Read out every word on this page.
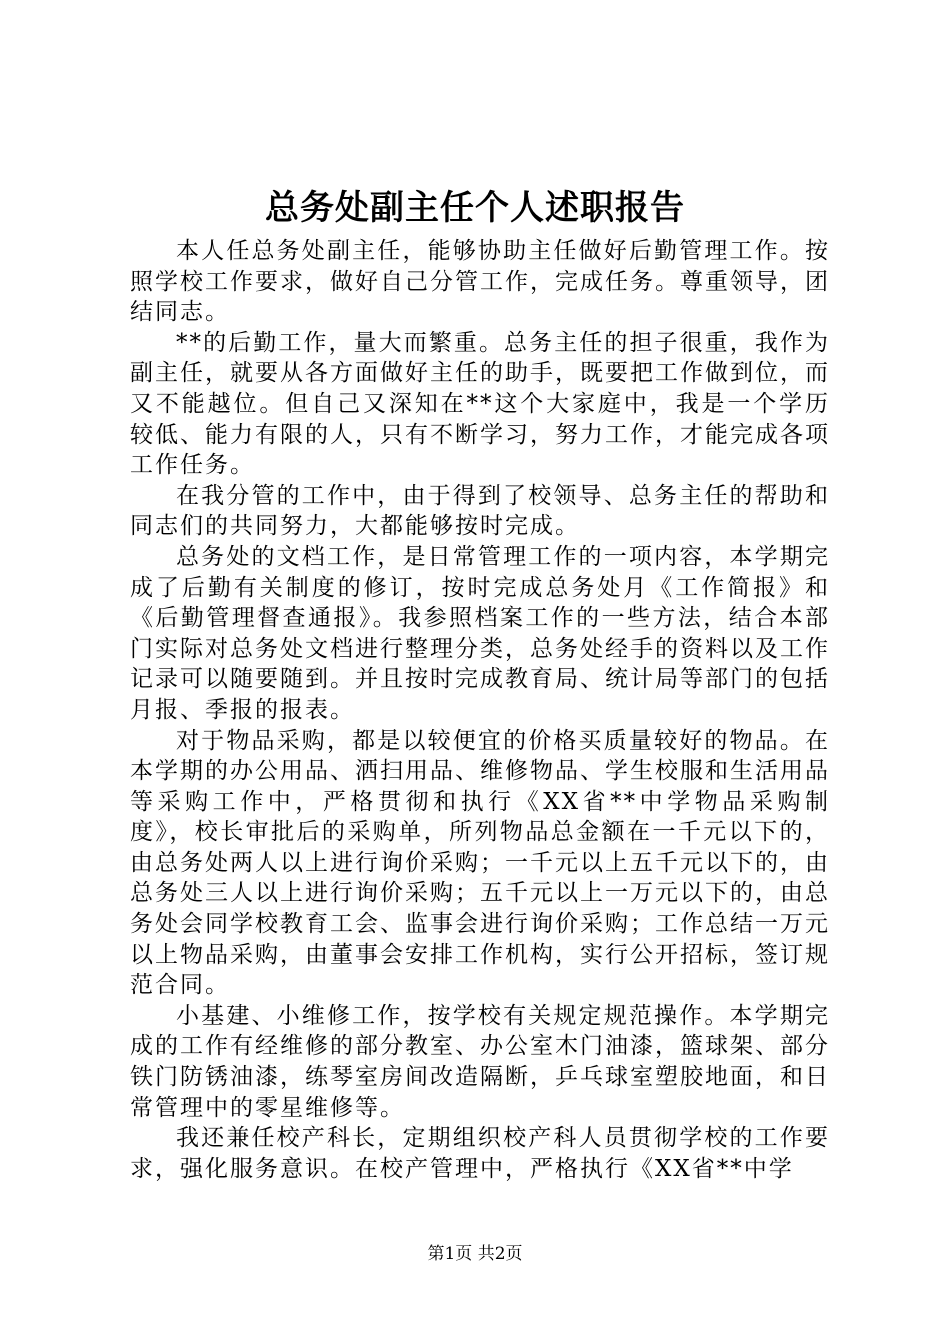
总务处副主任个人述职报告

本人任总务处副主任，能够协助主任做好后勤管理工作。按照学校工作要求，做好自己分管工作，完成任务。尊重领导，团结同志。

**的后勤工作，量大而繁重。总务主任的担子很重，我作为副主任，就要从各方面做好主任的助手，既要把工作做到位，而又不能越位。但自己又深知在**这个大家庭中，我是一个学历较低、能力有限的人，只有不断学习，努力工作，才能完成各项工作任务。

在我分管的工作中，由于得到了校领导、总务主任的帮助和同志们的共同努力，大都能够按时完成。

总务处的文档工作，是日常管理工作的一项内容，本学期完成了后勤有关制度的修订，按时完成总务处月《工作简报》和《后勤管理督查通报》。我参照档案工作的一些方法，结合本部门实际对总务处文档进行整理分类，总务处经手的资料以及工作记录可以随要随到。并且按时完成教育局、统计局等部门的包括月报、季报的报表。

对于物品采购，都是以较便宜的价格买质量较好的物品。在本学期的办公用品、洒扫用品、维修物品、学生校服和生活用品等采购工作中，严格贯彻和执行《XX省**中学物品采购制度》，校长审批后的采购单，所列物品总金额在一千元以下的，由总务处两人以上进行询价采购；一千元以上五千元以下的，由总务处三人以上进行询价采购；五千元以上一万元以下的，由总务处会同学校教育工会、监事会进行询价采购；工作总结一万元以上物品采购，由董事会安排工作机构，实行公开招标，签订规范合同。

小基建、小维修工作，按学校有关规定规范操作。本学期完成的工作有经维修的部分教室、办公室木门油漆，篮球架、部分铁门防锈油漆，练琴室房间改造隔断，乒乓球室塑胶地面，和日常管理中的零星维修等。

我还兼任校产科长，定期组织校产科人员贯彻学校的工作要求，强化服务意识。在校产管理中，严格执行《XX省**中学

第1页 共2页
